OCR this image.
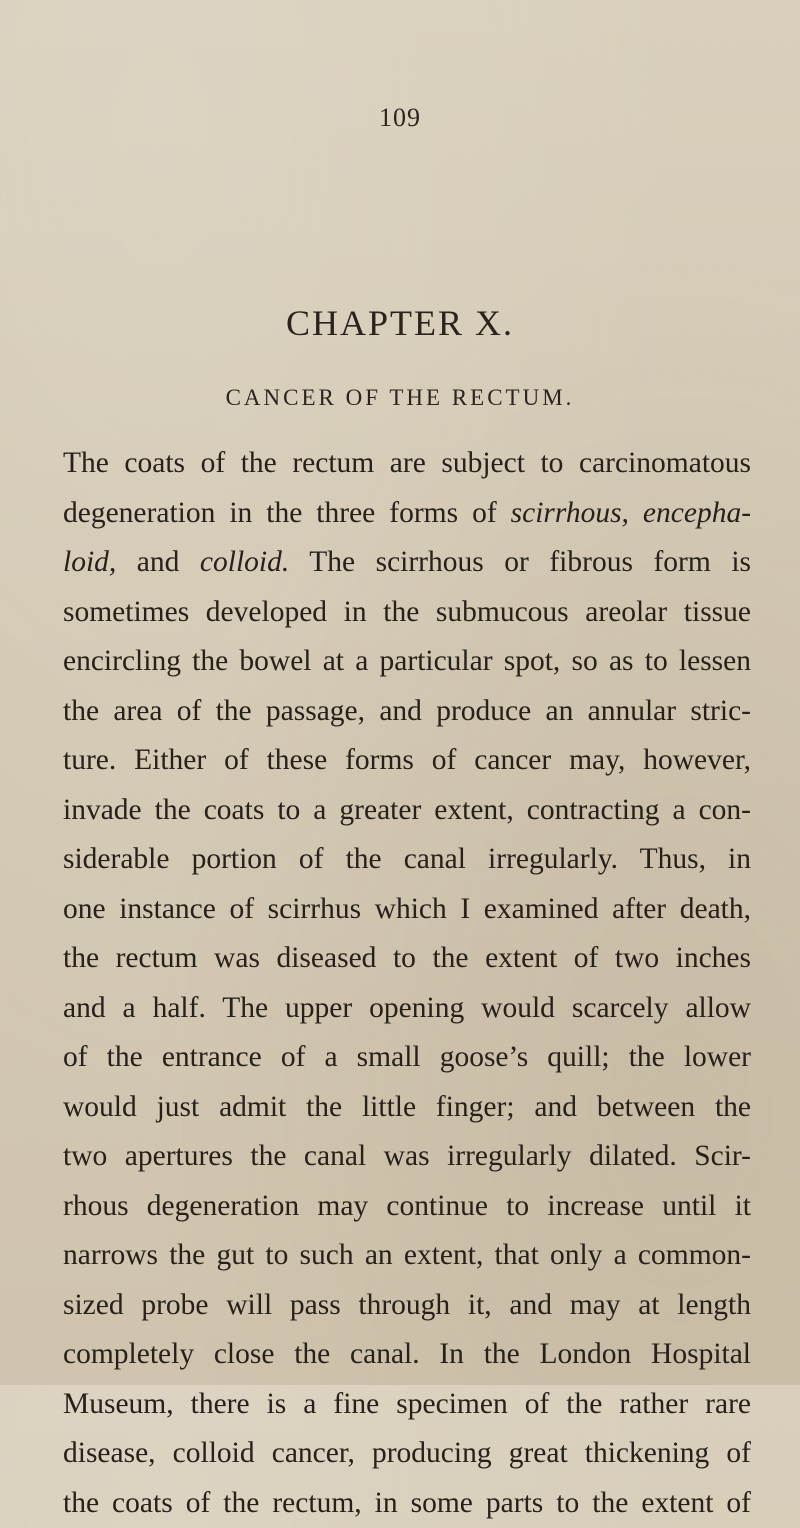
109
CHAPTER X.
CANCER OF THE RECTUM.
The coats of the rectum are subject to carcinomatous
degeneration in the three forms of scirrhous, encepha-
loid, and colloid. The scirrhous or fibrous form is
sometimes developed in the submucous areolar tissue
encircling the bowel at a particular spot, so as to lessen
the area of the passage, and produce an annular stric-
ture. Either of these forms of cancer may, however,
invade the coats to a greater extent, contracting a con-
siderable portion of the canal irregularly. Thus, in
one instance of scirrhus which I examined after death,
the rectum was diseased to the extent of two inches
and a half. The upper opening would scarcely allow
of the entrance of a small goose’s quill; the lower
would just admit the little finger; and between the
two apertures the canal was irregularly dilated. Scir-
rhous degeneration may continue to increase until it
narrows the gut to such an extent, that only a common-
sized probe will pass through it, and may at length
completely close the canal. In the London Hospital
Museum, there is a fine specimen of the rather rare
disease, colloid cancer, producing great thickening of
the coats of the rectum, in some parts to the extent of
